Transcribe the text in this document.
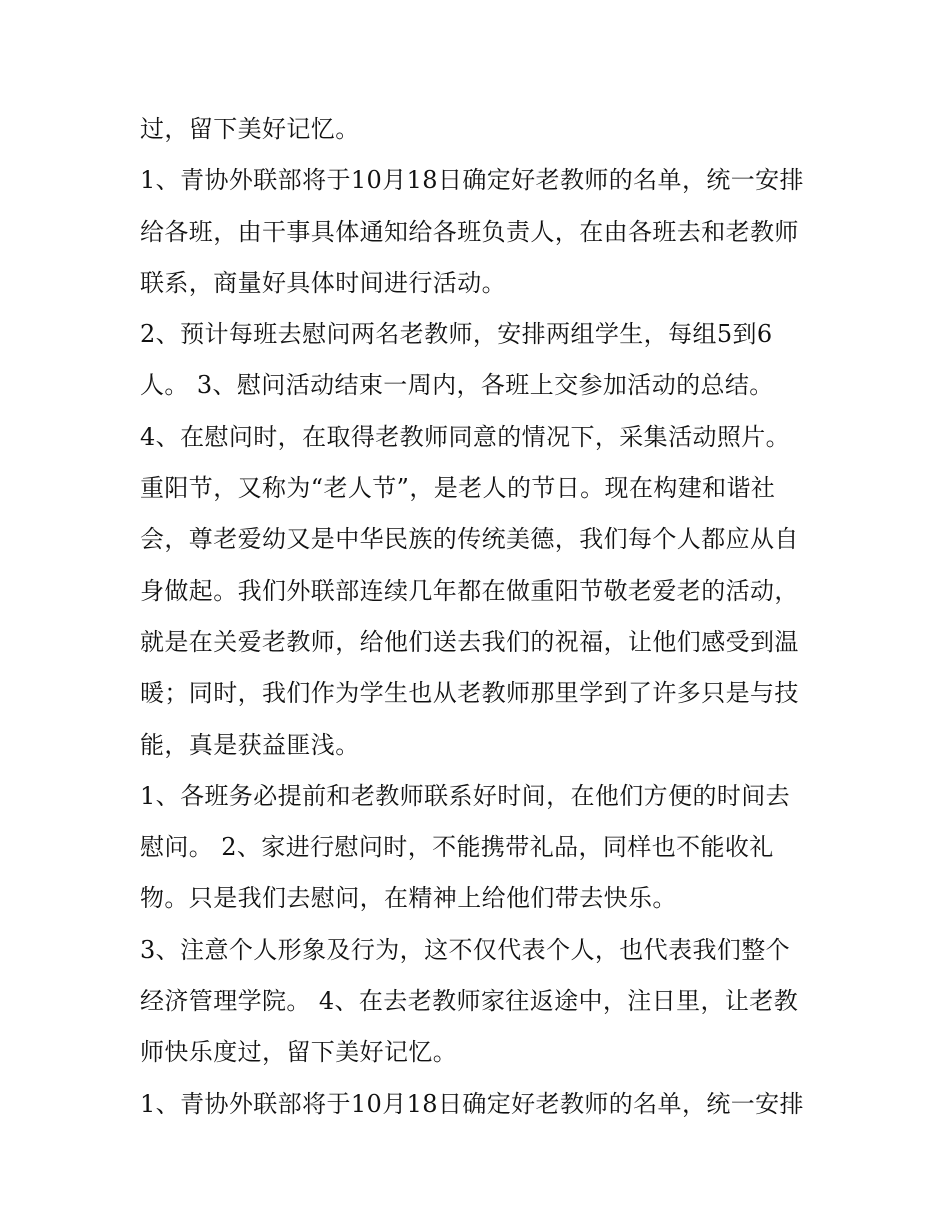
过，留下美好记忆。
1、青协外联部将于10月18日确定好老教师的名单，统一安排
给各班，由干事具体通知给各班负责人，在由各班去和老教师
联系，商量好具体时间进行活动。
2、预计每班去慰问两名老教师，安排两组学生，每组5到6
人。 3、慰问活动结束一周内，各班上交参加活动的总结。
4、在慰问时，在取得老教师同意的情况下，采集活动照片。
重阳节，又称为“老人节”，是老人的节日。现在构建和谐社
会，尊老爱幼又是中华民族的传统美德，我们每个人都应从自
身做起。我们外联部连续几年都在做重阳节敬老爱老的活动，
就是在关爱老教师，给他们送去我们的祝福，让他们感受到温
暖；同时，我们作为学生也从老教师那里学到了许多只是与技
能，真是获益匪浅。
1、各班务必提前和老教师联系好时间，在他们方便的时间去
慰问。 2、家进行慰问时，不能携带礼品，同样也不能收礼
物。只是我们去慰问，在精神上给他们带去快乐。
3、注意个人形象及行为，这不仅代表个人，也代表我们整个
经济管理学院。 4、在去老教师家往返途中，注日里，让老教
师快乐度过，留下美好记忆。
1、青协外联部将于10月18日确定好老教师的名单，统一安排
